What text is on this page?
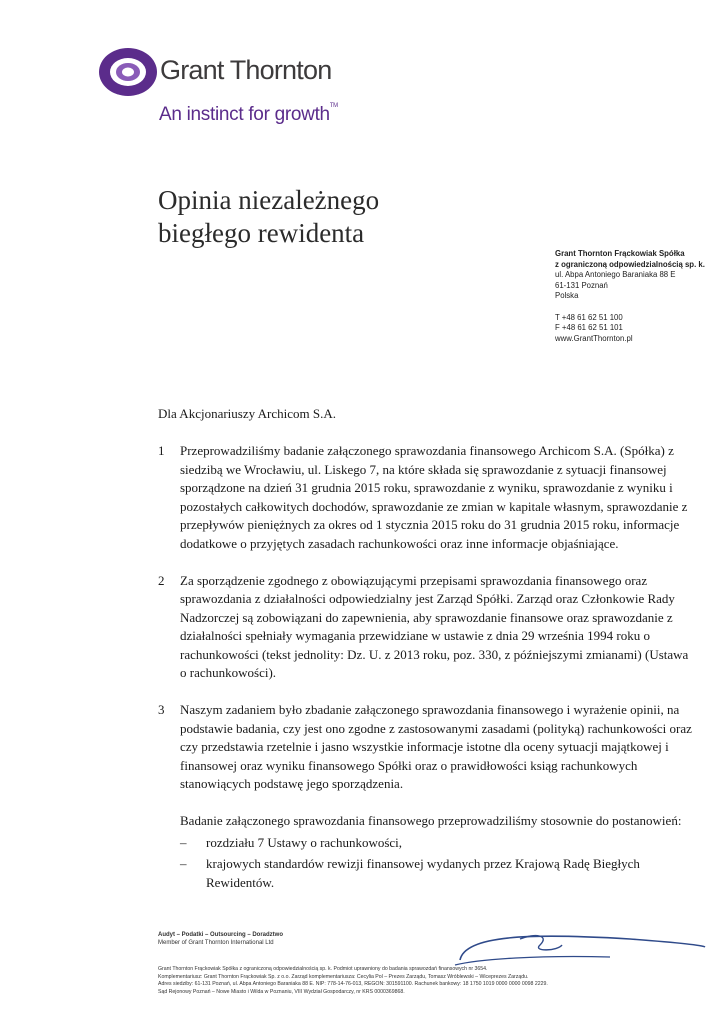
Grant Thornton
An instinct for growth™
Opinia niezależnego
biegłego rewidenta
Grant Thornton Frąckowiak Spółka
z ograniczoną odpowiedzialnością sp. k.
ul. Abpa Antoniego Baraniaka 88 E
61-131 Poznań
Polska
T +48 61 62 51 100
F +48 61 62 51 101
www.GrantThornton.pl

Dla Akcjonariuszy Archicom S.A.

1	Przeprowadziliśmy badanie załączonego sprawozdania finansowego Archicom S.A. (Spółka) z siedzibą we Wrocławiu, ul. Liskego 7, na które składa się sprawozdanie z sytuacji finansowej sporządzone na dzień 31 grudnia 2015 roku, sprawozdanie z wyniku, sprawozdanie z wyniku i pozostałych całkowitych dochodów, sprawozdanie ze zmian w kapitale własnym, sprawozdanie z przepływów pieniężnych za okres od 1 stycznia 2015 roku do 31 grudnia 2015 roku, informacje dodatkowe o przyjętych zasadach rachunkowości oraz inne informacje objaśniające.
2	Za sporządzenie zgodnego z obowiązującymi przepisami sprawozdania finansowego oraz sprawozdania z działalności odpowiedzialny jest Zarząd Spółki. Zarząd oraz Członkowie Rady Nadzorczej są zobowiązani do zapewnienia, aby sprawozdanie finansowe oraz sprawozdanie z działalności spełniały wymagania przewidziane w ustawie z dnia 29 września 1994 roku o rachunkowości (tekst jednolity: Dz. U. z 2013 roku, poz. 330, z późniejszymi zmianami) (Ustawa o rachunkowości).
3	Naszym zadaniem było zbadanie załączonego sprawozdania finansowego i wyrażenie opinii, na podstawie badania, czy jest ono zgodne z zastosowanymi zasadami (polityką) rachunkowości oraz czy przedstawia rzetelnie i jasno wszystkie informacje istotne dla oceny sytuacji majątkowej i finansowej oraz wyniku finansowego Spółki oraz o prawidłowości ksiąg rachunkowych stanowiących podstawę jego sporządzenia.

Badanie załączonego sprawozdania finansowego przeprowadziliśmy stosownie do postanowień:

–	rozdziału 7 Ustawy o rachunkowości,
–	krajowych standardów rewizji finansowej wydanych przez Krajową Radę Biegłych Rewidentów.
Audyt – Podatki – Outsourcing – Doradztwo
Member of Grant Thornton International Ltd
Grant Thornton Frąckowiak Spółka z ograniczoną odpowiedzialnością sp. k. Podmiot uprawniony do badania sprawozdań finansowych nr 3654.
Komplementariusz: Grant Thornton Frąckowiak Sp. z o.o. Zarząd komplementariusza: Cecylia Pol – Prezes Zarządu, Tomasz Wróblewski – Wiceprezes Zarządu.
Adres siedziby: 61-131 Poznań, ul. Abpa Antoniego Baraniaka 88 E. NIP: 778-14-76-013, REGON: 301591100. Rachunek bankowy: 18 1750 1019 0000 0000 0098 2229.
Sąd Rejonowy Poznań – Nowe Miasto i Wilda w Poznaniu, VIII Wydział Gospodarczy, nr KRS 0000369868.
